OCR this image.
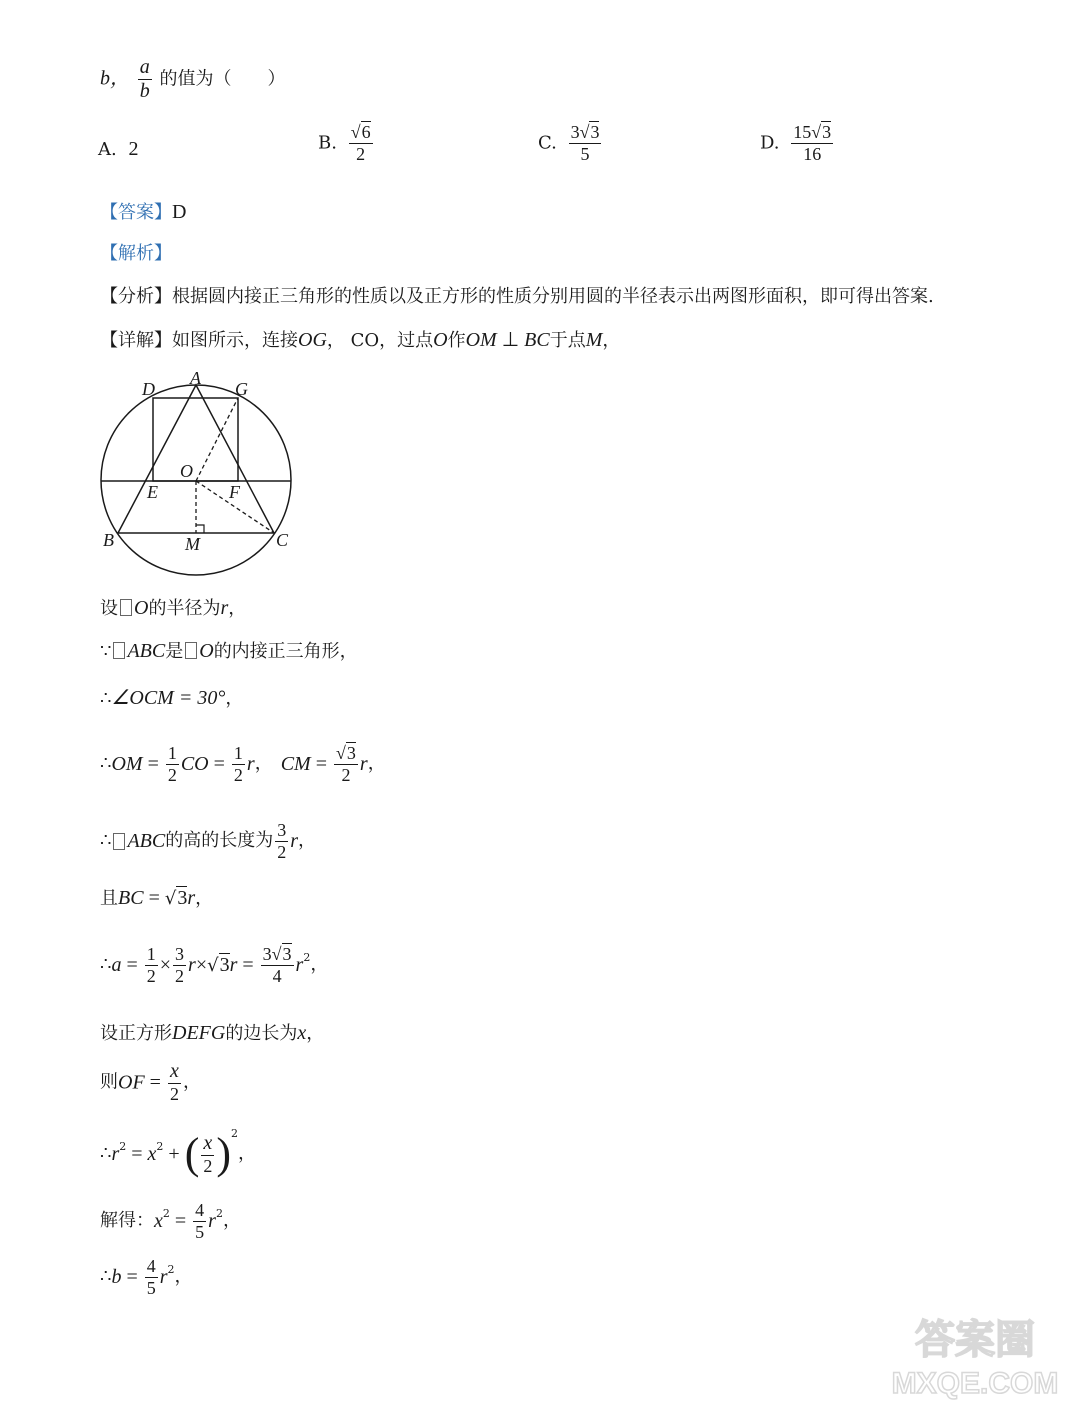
b， $\frac{a}{b}$ 的值为（　　）
A. 2	B. $\frac{√6}{2}$	C. $\frac{3√3}{5}$	D. $\frac{15√3}{16}$
【答案】D
【解析】
【分析】根据圆内接正三角形的性质以及正方形的性质分别用圆的半径表示出两图形面积，即可得出答案.
【详解】如图所示，连接OG， CO，过点O作OM ⊥ BC于点M，
A
D	G
O
E	F
B	C
M
设 O的半径为r，
∵ ABC是 O的内接正三角形，
∴∠OCM = 30°，
∴OM = $\frac{1}{2}$ CO = $\frac{1}{2}$ r， CM = $\frac{√3}{2}$ r，
∴ ABC的高的长度为 $\frac{3}{2}$ r，
且BC = √3r，
∴a = $\frac{1}{2} \times \frac{3}{2} r\times√3r = \frac{3√3}{4} r^2$，
设正方形DEFG的边长为x，
则OF = $\frac{x}{2}$ ，
$\therefore r^2 = x^2$ + ( $\frac{x}{2} )^2$，
解得：$x^2 = \frac{4}{5} r^2$，
∴b = $\frac{4}{5} r^2$，
答案圈
MXQE.COM
